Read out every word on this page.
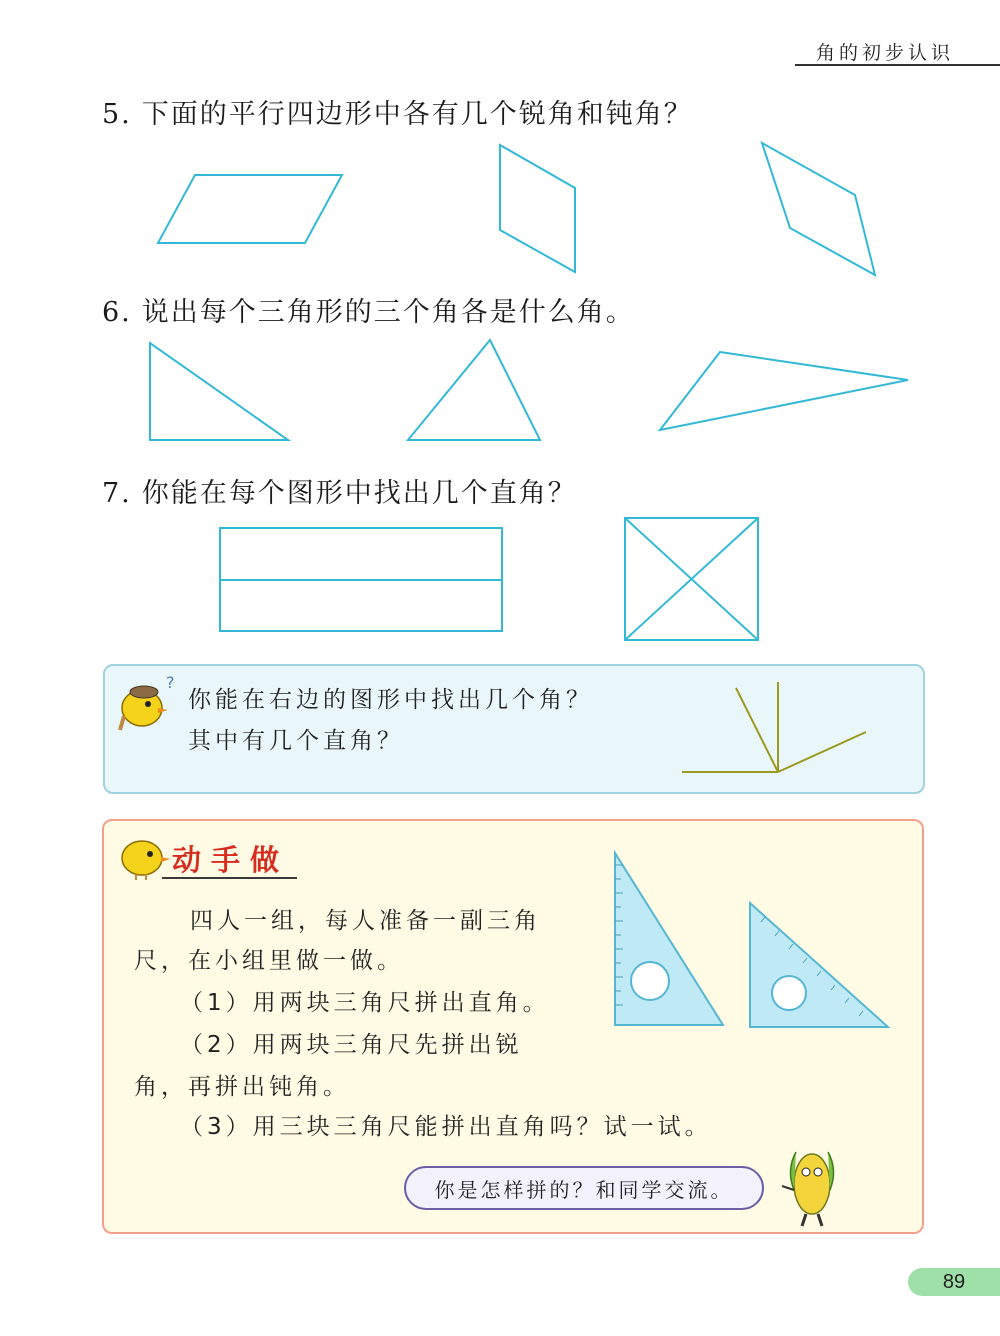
角的初步认识
5. 下面的平行四边形中各有几个锐角和钝角？
6. 说出每个三角形的三个角各是什么角。
7. 你能在每个图形中找出几个直角？
?
你能在右边的图形中找出几个角？
其中有几个直角？
动手做
四人一组，每人准备一副三角
尺，在小组里做一做。
（1）用两块三角尺拼出直角。
（2）用两块三角尺先拼出锐
角，再拼出钝角。
（3）用三块三角尺能拼出直角吗？试一试。
你是怎样拼的？和同学交流。
89
